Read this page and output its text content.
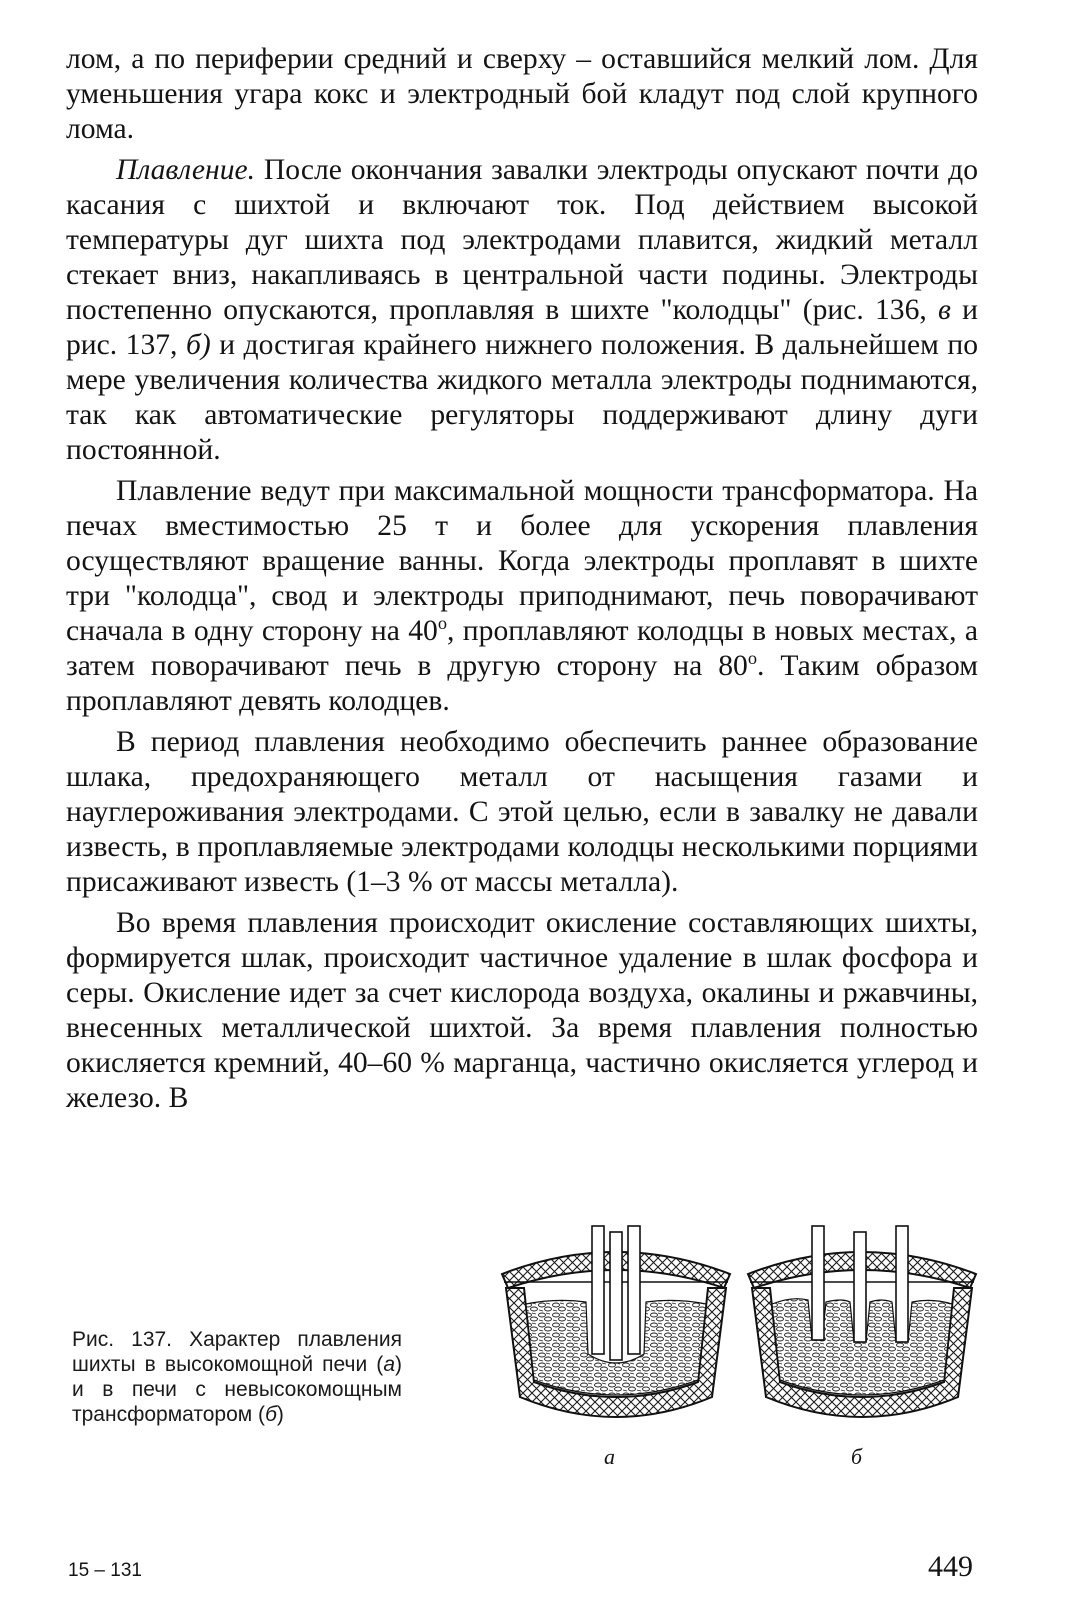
лом, а по периферии средний и сверху – оставшийся мелкий лом. Для уменьшения угара кокс и электродный бой кладут под слой крупного лома.

Плавление. После окончания завалки электроды опускают почти до касания с шихтой и включают ток. Под действием высокой температуры дуг шихта под электродами плавится, жидкий металл стекает вниз, накапливаясь в центральной части подины. Электроды постепенно опускаются, проплавляя в шихте "колодцы" (рис. 136, в и рис. 137, б) и достигая крайнего нижнего положения. В дальнейшем по мере увеличения количества жидкого металла электроды поднимаются, так как автоматические регуляторы поддерживают длину дуги постоянной.

Плавление ведут при максимальной мощности трансформатора. На печах вместимостью 25 т и более для ускорения плавления осуществляют вращение ванны. Когда электроды проплавят в шихте три "колодца", свод и электроды приподнимают, печь поворачивают сначала в одну сторону на $40^о$, проплавляют колодцы в новых местах, а затем поворачивают печь в другую сторону на $80^о$. Таким образом проплавляют девять колодцев.

В период плавления необходимо обеспечить раннее образование шлака, предохраняющего металл от насыщения газами и науглероживания электродами. С этой целью, если в завалку не давали известь, в проплавляемые электродами колодцы несколькими порциями присаживают известь (1–3 % от массы металла).

Во время плавления происходит окисление составляющих шихты, формируется шлак, происходит частичное удаление в шлак фосфора и серы. Окисление идет за счет кислорода воздуха, окалины и ржавчины, внесенных металлической шихтой. За время плавления полностью окисляется кремний, 40–60 % марганца, частично окисляется углерод и железо. В

Рис. 137. Характер плавления шихты в высокомощной печи (а) и в печи с невысокомощным трансформатором (б)
а	б
15 – 131	449
